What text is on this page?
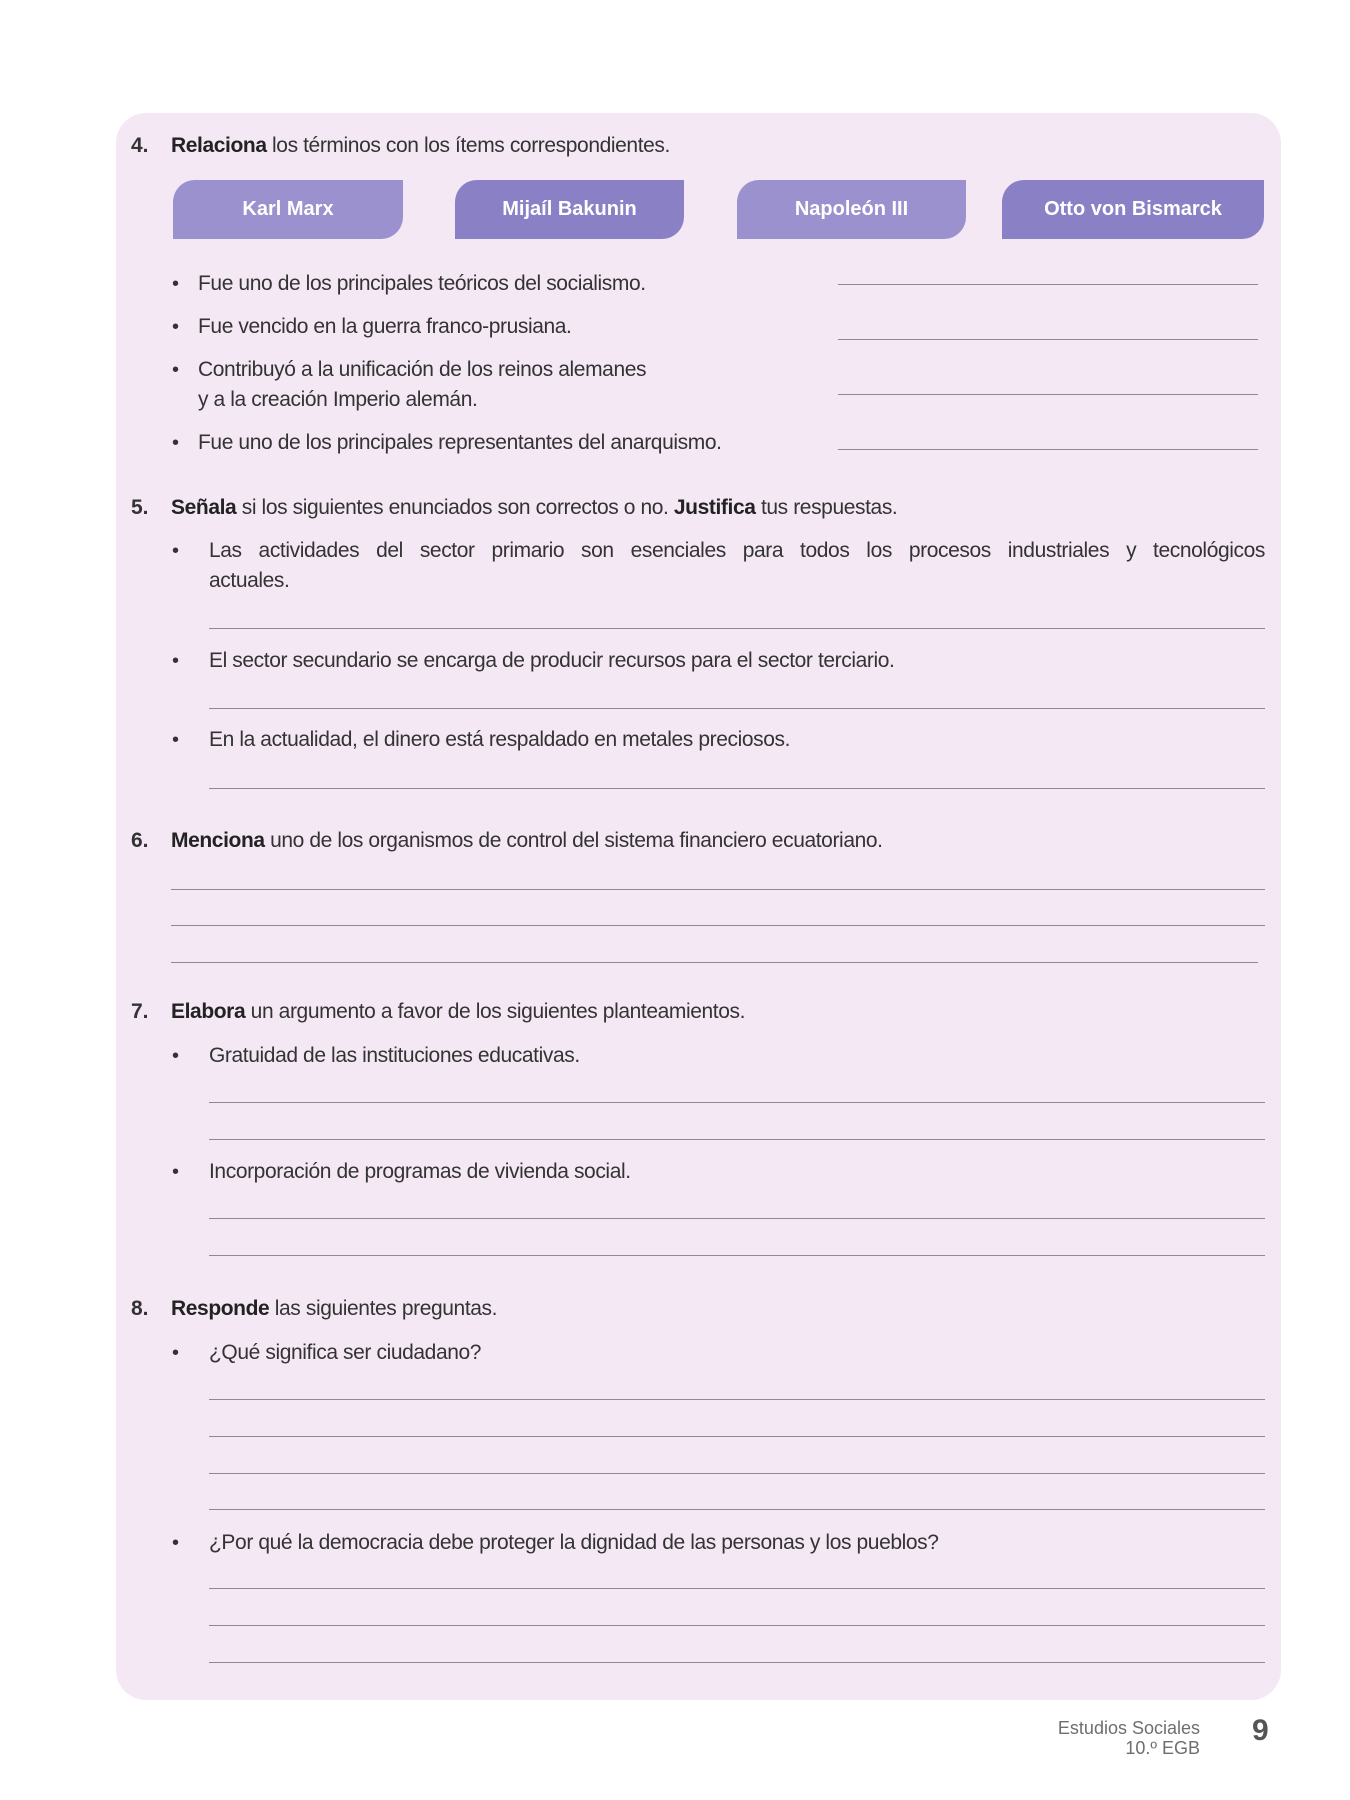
4. Relaciona los términos con los ítems correspondientes.
Karl Marx	Mijaíl Bakunin	Napoleón III	Otto von Bismarck
• Fue uno de los principales teóricos del socialismo.
• Fue vencido en la guerra franco-prusiana.
• Contribuyó a la unificación de los reinos alemanes
y a la creación Imperio alemán.
• Fue uno de los principales representantes del anarquismo.
5. Señala si los siguientes enunciados son correctos o no. Justifica tus respuestas.
• Las actividades del sector primario son esenciales para todos los procesos industriales y tecnológicos
actuales.
• El sector secundario se encarga de producir recursos para el sector terciario.
• En la actualidad, el dinero está respaldado en metales preciosos.
6. Menciona uno de los organismos de control del sistema financiero ecuatoriano.
7. Elabora un argumento a favor de los siguientes planteamientos.
• Gratuidad de las instituciones educativas.
• Incorporación de programas de vivienda social.
8. Responde las siguientes preguntas.
• ¿Qué significa ser ciudadano?
• ¿Por qué la democracia debe proteger la dignidad de las personas y los pueblos?
Estudios Sociales
10.º EGB
9
